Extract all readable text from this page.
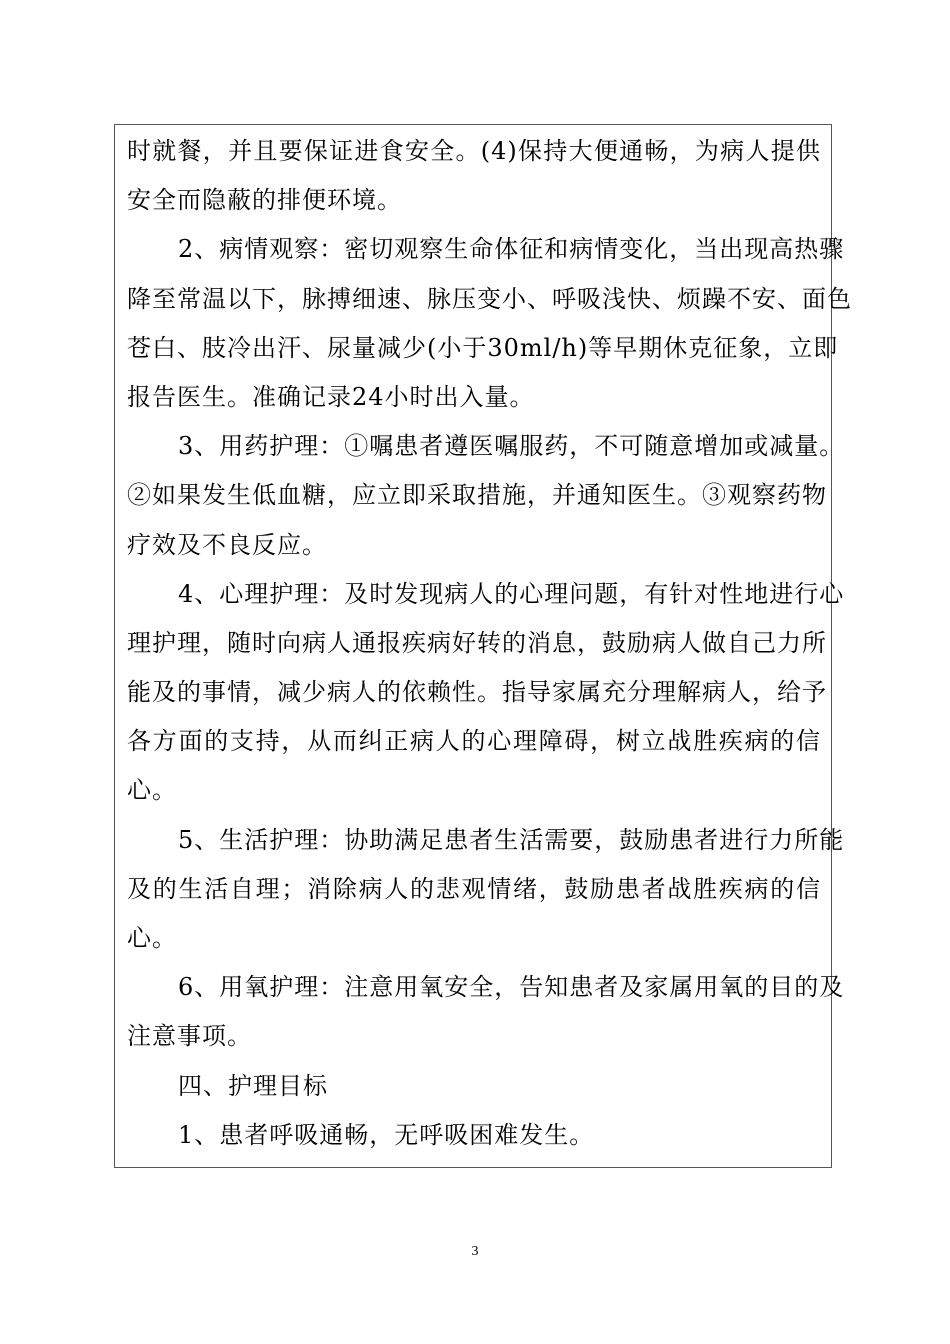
时就餐，并且要保证进食安全。(4)保持大便通畅，为病人提供
安全而隐蔽的排便环境。
2、病情观察：密切观察生命体征和病情变化，当出现高热骤
降至常温以下，脉搏细速、脉压变小、呼吸浅快、烦躁不安、面色
苍白、肢冷出汗、尿量减少(小于30ml/h)等早期休克征象，立即
报告医生。准确记录24小时出入量。
3、用药护理：①嘱患者遵医嘱服药，不可随意增加或减量。
②如果发生低血糖，应立即采取措施，并通知医生。③观察药物
疗效及不良反应。
4、心理护理：及时发现病人的心理问题，有针对性地进行心
理护理，随时向病人通报疾病好转的消息，鼓励病人做自己力所
能及的事情，减少病人的依赖性。指导家属充分理解病人，给予
各方面的支持，从而纠正病人的心理障碍，树立战胜疾病的信
心。
5、生活护理：协助满足患者生活需要，鼓励患者进行力所能
及的生活自理；消除病人的悲观情绪，鼓励患者战胜疾病的信
心。
6、用氧护理：注意用氧安全，告知患者及家属用氧的目的及
注意事项。
四、护理目标
1、患者呼吸通畅，无呼吸困难发生。
3
